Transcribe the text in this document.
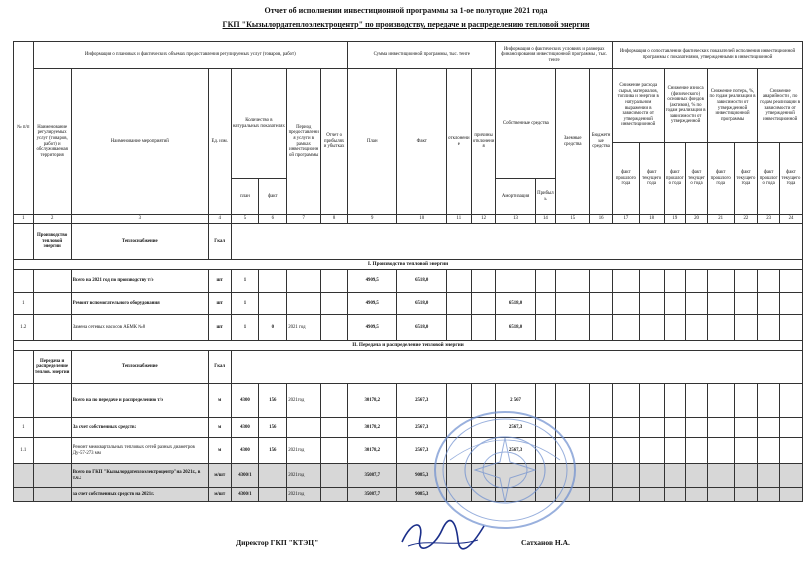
Отчет об исполнении инвестиционной программы за 1-ое полугодие 2021 года
ГКП "Кызылордатеплоэлектроцентр" по производству, передаче и распределению тепловой энергии
№ п/п	Информация о плановых и фактических объемах предоставления регулируемых услуг (товаров, работ)							Сумма инвестиционной программы, тыс. тенге				Информация о фактических условиях и размерах финансирования инвестиционной программы , тыс. тенге				Информация о сопоставлении фактических показателей исполнения инвестиционной программы с показателями, утвержденными в инвестиционной							
	Наименование регулируемых услуг (товаров, работ) и обслуживаемая территория	Наименование мероприятий	Ед. изм.	Количество в натуральных показателях		Период предоставления услуги в рамках инвестиционной программы	Отчет о прибылях и убытках	План	Факт	отклонение	причины отклонения	Собственные средства		Заемные средства	Бюджетные средства	Снижение расхода сырья, материалов, топлива и энергии в натуральном выражении в зависимости от утвержденной инвестиционной		Снижение износа (физического) основных фондов (активов), % по годам реализации в зависимости от утвержденной		Снижение потерь, %, по годам реализации в зависимости от утвержденной инвестиционной программы		Снижение аварийности , по годам реализации в зависимости от утвержденной инвестиционной	
																факт прошлого года	факт текущего года	факт прошлого года	факт текущего года	факт прошлого года	факт текущего года	факт прошлого года	факт текущего года
				план	факт							Амортизация	Прибыль										
1	2	3	4	5	6	7	8	9	10	11	12	13	14	15	16	17	18	19	20	21	22	23	24
	Производство тепловой энергии	Теплоснабжение	Гкал																				
I. Производство тепловой энергии																							
		Всего на 2021 год по производству т/э	шт	1				4909,5	6518,0														
1		Ремонт вспомогательного оборудования	шт	1				4909,5	6518,0			6518,0											
1.2		Замена сетевых насосов АБМК №8	шт	1	0	2021 год		4909,5	6518,0			6518,0											
II. Передача и распределение тепловой энергии																							
	Передача и распределение теплов. энергии	Теплоснабжение	Гкал																				
		Всего на по передаче и распределению т/э	м	4300	156	2021год		30178,2	2567,3			2 567											
1		За счет собственных средств:	м	4300	156			30178,2	2567,3			2567,3											
1.1		Ремонт межквартальных тепловых сетей разных диаметров Ду-57-273 мм	м	4300	156	2021год		30178,2	2567,3			2567,3											
		Всего по ГКП "Кызылордатеплоэлектроцентр"на 2021г., в т.ч.:	м/шт	4300/1		2021год		35087,7	9085,3														
		за счет собственных средств на 2021г.	м/шт	4300/1		2021год		35087,7	9085,3														
Директор ГКП "КТЭЦ"	Сатханов Н.А.
